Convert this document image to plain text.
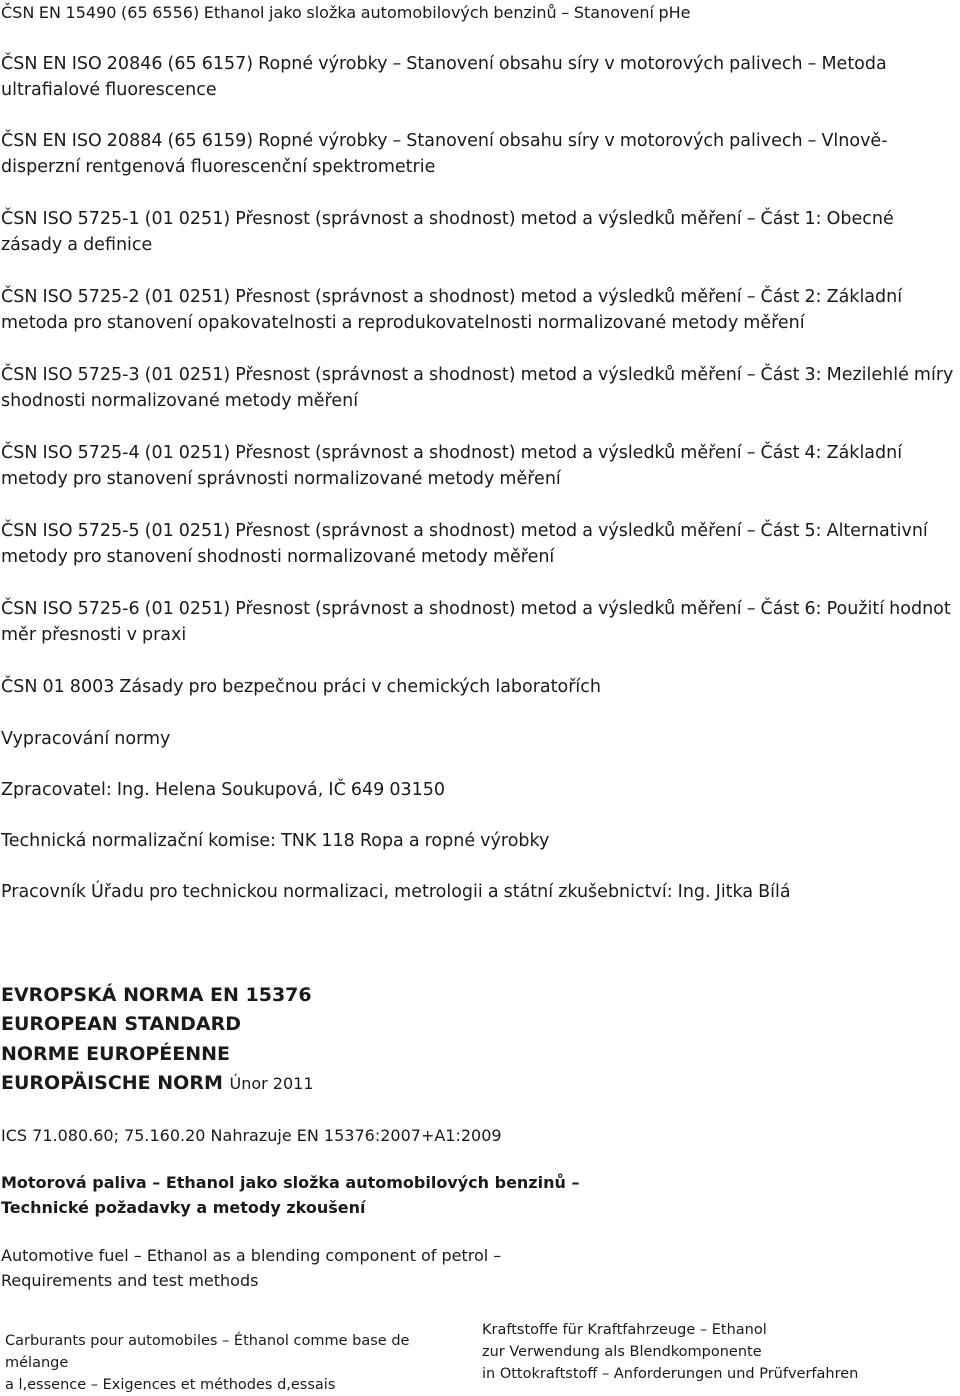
ČSN EN 15490 (65 6556) Ethanol jako složka automobilových benzinů – Stanovení pHe

ČSN EN ISO 20846 (65 6157) Ropné výrobky – Stanovení obsahu síry v motorových palivech – Metoda ultrafialové fluorescence

ČSN EN ISO 20884 (65 6159) Ropné výrobky – Stanovení obsahu síry v motorových palivech – Vlnově-disperzní rentgenová fluorescenční spektrometrie

ČSN ISO 5725-1 (01 0251) Přesnost (správnost a shodnost) metod a výsledků měření – Část 1: Obecné zásady a definice

ČSN ISO 5725-2 (01 0251) Přesnost (správnost a shodnost) metod a výsledků měření – Část 2: Základní metoda pro stanovení opakovatelnosti a reprodukovatelnosti normalizované metody měření

ČSN ISO 5725-3 (01 0251) Přesnost (správnost a shodnost) metod a výsledků měření – Část 3: Mezilehlé míry shodnosti normalizované metody měření

ČSN ISO 5725-4 (01 0251) Přesnost (správnost a shodnost) metod a výsledků měření – Část 4: Základní metody pro stanovení správnosti normalizované metody měření

ČSN ISO 5725-5 (01 0251) Přesnost (správnost a shodnost) metod a výsledků měření – Část 5: Alternativní metody pro stanovení shodnosti normalizované metody měření

ČSN ISO 5725-6 (01 0251) Přesnost (správnost a shodnost) metod a výsledků měření – Část 6: Použití hodnot měr přesnosti v praxi

ČSN 01 8003 Zásady pro bezpečnou práci v chemických laboratořích

Vypracování normy

Zpracovatel: Ing. Helena Soukupová, IČ 649 03150

Technická normalizační komise: TNK 118 Ropa a ropné výrobky

Pracovník Úřadu pro technickou normalizaci, metrologii a státní zkušebnictví: Ing. Jitka Bílá

EVROPSKÁ NORMA EN 15376

EUROPEAN STANDARD

NORME EUROPÉENNE

EUROPÄISCHE NORM Únor 2011

ICS 71.080.60; 75.160.20 Nahrazuje EN 15376:2007+A1:2009
Motorová paliva – Ethanol jako složka automobilových benzinů –
Technické požadavky a metody zkoušení
Automotive fuel – Ethanol as a blending component of petrol –
Requirements and test methods
Carburants pour automobiles – Éthanol comme base de mélange
a l,essence – Exigences et méthodes d,essais
Kraftstoffe für Kraftfahrzeuge – Ethanol
zur Verwendung als Blendkomponente
in Ottokraftstoff – Anforderungen und Prüfverfahren
